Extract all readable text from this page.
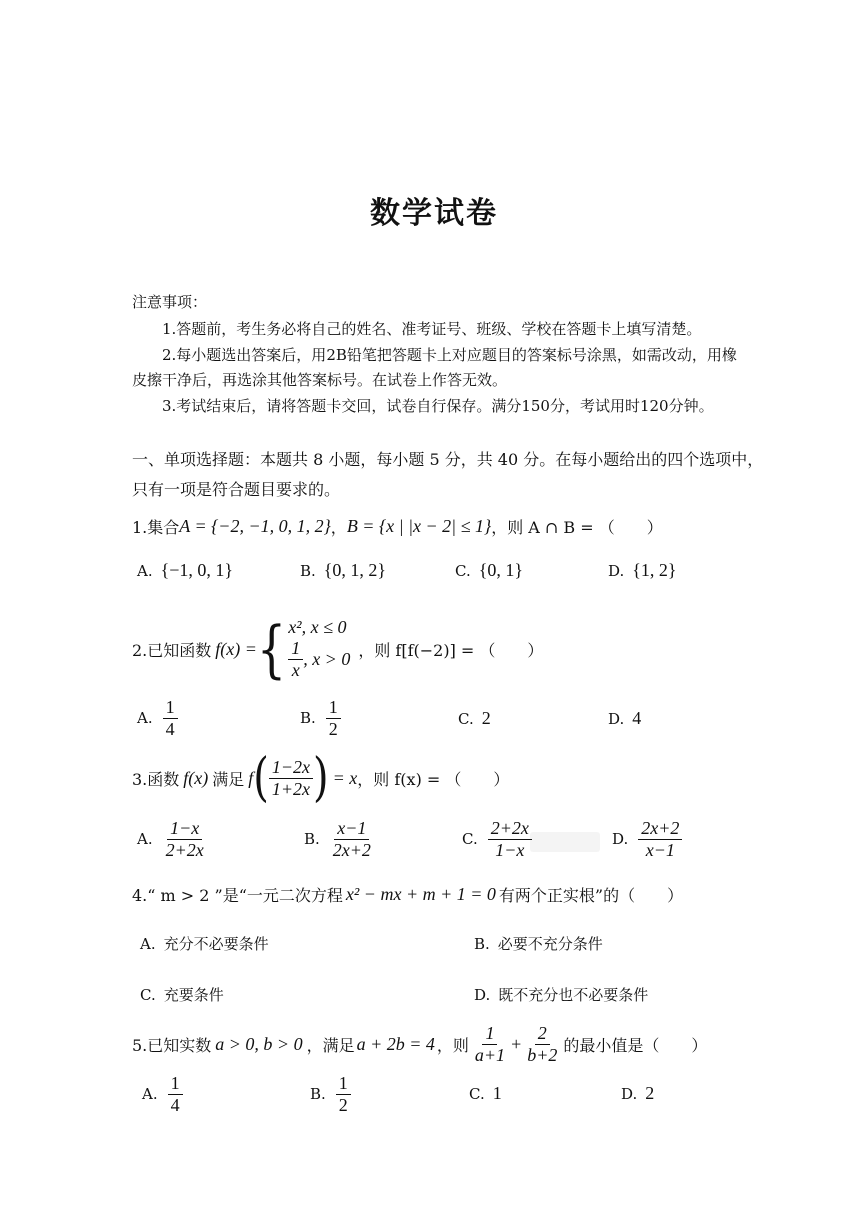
数学试卷
注意事项：
1.答题前，考生务必将自己的姓名、准考证号、班级、学校在答题卡上填写清楚。
2.每小题选出答案后，用2B铅笔把答题卡上对应题目的答案标号涂黑，如需改动，用橡
皮擦干净后，再选涂其他答案标号。在试卷上作答无效。
3.考试结束后，请将答题卡交回，试卷自行保存。满分150分，考试用时120分钟。
一、单项选择题：本题共 8 小题，每小题 5 分，共 40 分。在每小题给出的四个选项中，
只有一项是符合题目要求的。
1.集合 A = {−2, −1, 0, 1, 2} ， B = {x | |x − 2| ≤ 1} ，则 A ∩ B = （　　）
A. {−1, 0, 1}	B. {0, 1, 2}	C. {0, 1}	D. {1, 2}
2.已知函数 f(x) = { x², x ≤ 0
$\frac{1}{x}$ , x > 0 ，则 f[f(−2)] = （　　）
A. $\frac{1}{4}$	B. $\frac{1}{2}$	C. 2	D. 4
3.函数 f(x) 满足 f ( $\frac{1-2x}{1+2x}$ ) = x ，则 f(x) = （　　）
A. $\frac{1-x}{2+2x}$	B. $\frac{x-1}{2x+2}$	C. $\frac{2+2x}{1-x}$	D. $\frac{2x+2}{x-1}$
4.“ m > 2 ”是“一元二次方程 x² − mx + m + 1 = 0 有两个正实根”的（　　）
A. 充分不必要条件	B. 必要不充分条件
C. 充要条件	D. 既不充分也不必要条件
5.已知实数 a > 0, b > 0 ，满足 a + 2b = 4 ，则 $\frac{1}{a+1} + \frac{2}{b+2}$ 的最小值是（　　）
A. $\frac{1}{4}$	B. $\frac{1}{2}$	C. 1	D. 2
